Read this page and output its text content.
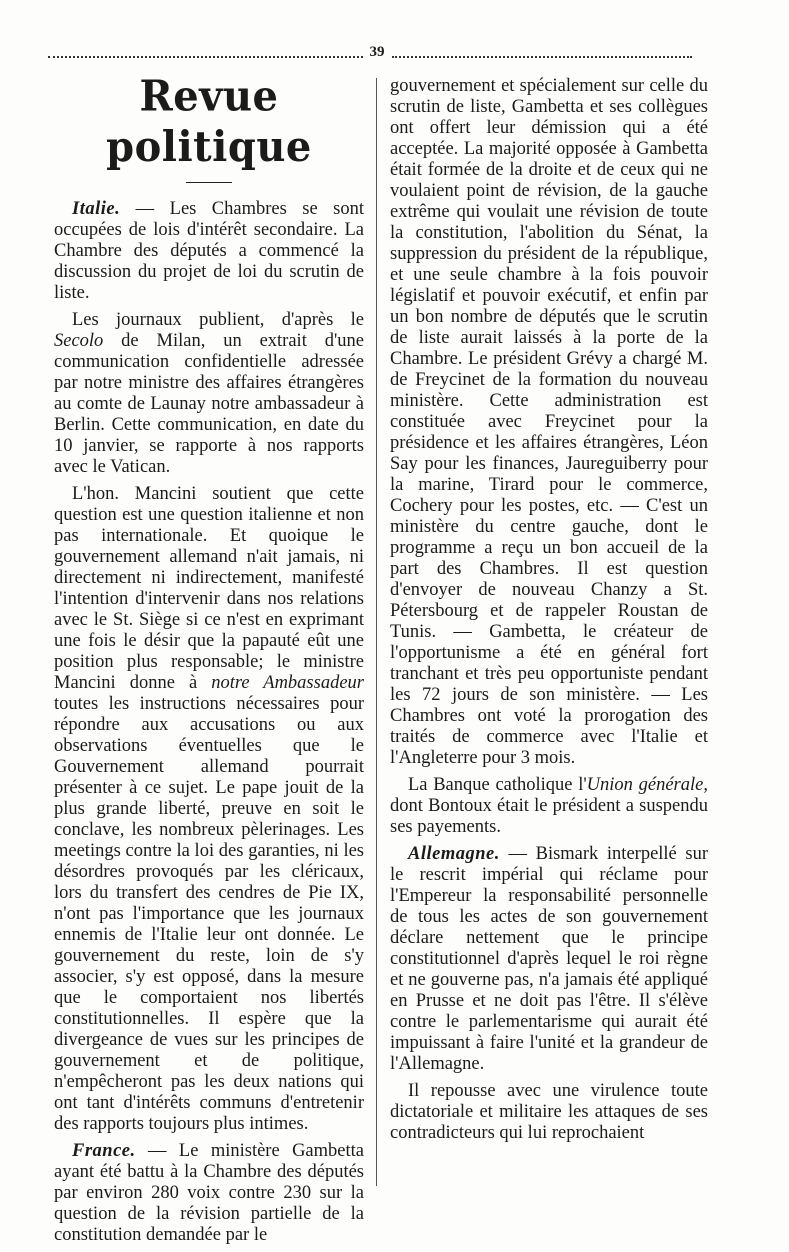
39
Revue politique

Italie. — Les Chambres se sont occupées de lois d'intérêt secondaire. La Chambre des députés a commencé la discussion du projet de loi du scrutin de liste.

Les journaux publient, d'après le Secolo de Milan, un extrait d'une communication confidentielle adressée par notre ministre des affaires étrangères au comte de Launay notre ambassadeur à Berlin. Cette communication, en date du 10 janvier, se rapporte à nos rapports avec le Vatican.

L'hon. Mancini soutient que cette question est une question italienne et non pas internationale. Et quoique le gouvernement allemand n'ait jamais, ni directement ni indirectement, manifesté l'intention d'intervenir dans nos relations avec le St. Siège si ce n'est en exprimant une fois le désir que la papauté eût une position plus responsable; le ministre Mancini donne à notre Ambassadeur toutes les instructions nécessaires pour répondre aux accusations ou aux observations éventuelles que le Gouvernement allemand pourrait présenter à ce sujet. Le pape jouit de la plus grande liberté, preuve en soit le conclave, les nombreux pèlerinages. Les meetings contre la loi des garanties, ni les désordres provoqués par les cléricaux, lors du transfert des cendres de Pie IX, n'ont pas l'importance que les journaux ennemis de l'Italie leur ont donnée. Le gouvernement du reste, loin de s'y associer, s'y est opposé, dans la mesure que le comportaient nos libertés constitutionnelles. Il espère que la divergeance de vues sur les principes de gouvernement et de politique, n'empêcheront pas les deux nations qui ont tant d'intérêts communs d'entretenir des rapports toujours plus intimes.

France. — Le ministère Gambetta ayant été battu à la Chambre des députés par environ 280 voix contre 230 sur la question de la révision partielle de la constitution demandée par le

gouvernement et spécialement sur celle du scrutin de liste, Gambetta et ses collègues ont offert leur démission qui a été acceptée. La majorité opposée à Gambetta était formée de la droite et de ceux qui ne voulaient point de révision, de la gauche extrême qui voulait une révision de toute la constitution, l'abolition du Sénat, la suppression du président de la république, et une seule chambre à la fois pouvoir législatif et pouvoir exécutif, et enfin par un bon nombre de députés que le scrutin de liste aurait laissés à la porte de la Chambre. Le président Grévy a chargé M. de Freycinet de la formation du nouveau ministère. Cette administration est constituée avec Freycinet pour la présidence et les affaires étrangères, Léon Say pour les finances, Jaureguiberry pour la marine, Tirard pour le commerce, Cochery pour les postes, etc. — C'est un ministère du centre gauche, dont le programme a reçu un bon accueil de la part des Chambres. Il est question d'envoyer de nouveau Chanzy a St. Pétersbourg et de rappeler Roustan de Tunis. — Gambetta, le créateur de l'opportunisme a été en général fort tranchant et très peu opportuniste pendant les 72 jours de son ministère. — Les Chambres ont voté la prorogation des traités de commerce avec l'Italie et l'Angleterre pour 3 mois.

La Banque catholique l'Union générale, dont Bontoux était le président a suspendu ses payements.

Allemagne. — Bismark interpellé sur le rescrit impérial qui réclame pour l'Empereur la responsabilité personnelle de tous les actes de son gouvernement déclare nettement que le principe constitutionnel d'après lequel le roi règne et ne gouverne pas, n'a jamais été appliqué en Prusse et ne doit pas l'être. Il s'élève contre le parlementarisme qui aurait été impuissant à faire l'unité et la grandeur de l'Allemagne.

Il repousse avec une virulence toute dictatoriale et militaire les attaques de ses contradicteurs qui lui reprochaient
